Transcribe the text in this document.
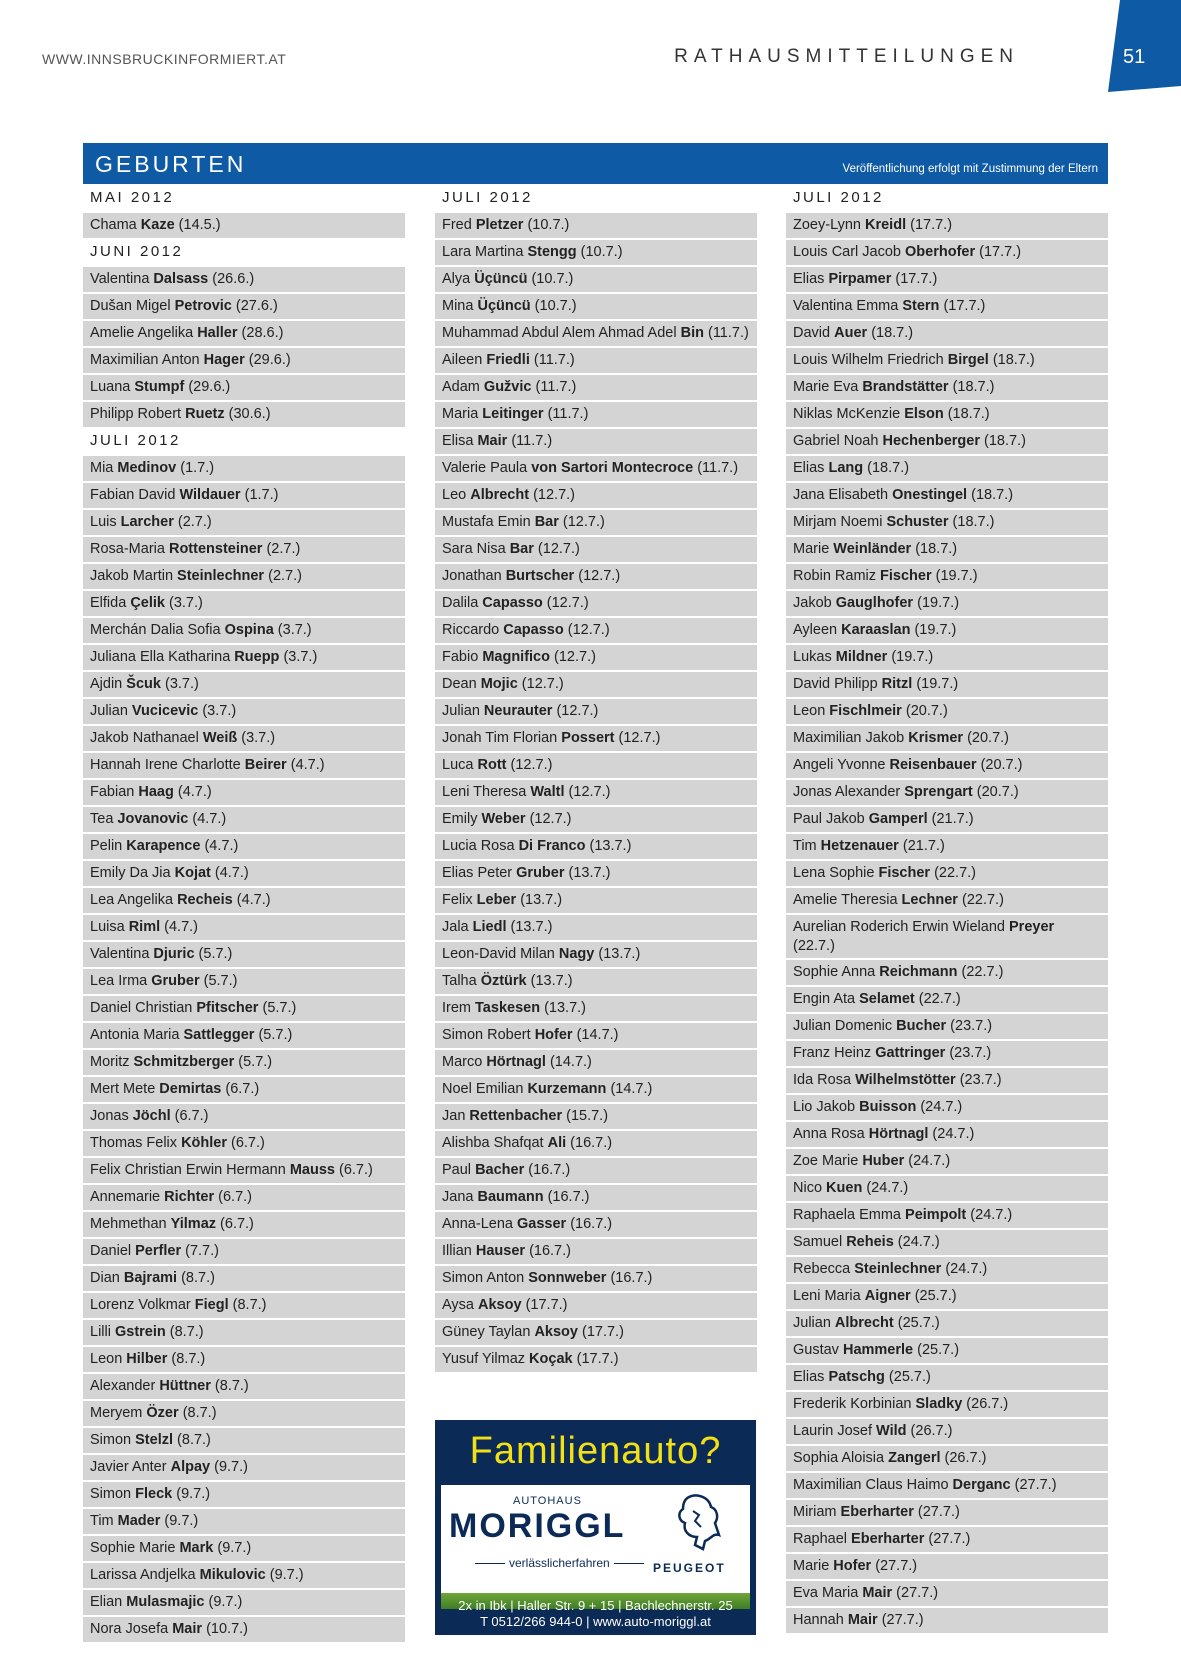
WWW.INNSBRUCKINFORMIERT.AT	RATHAUSMITTEILUNGEN	51
GEBURTEN	Veröffentlichung erfolgt mit Zustimmung der Eltern
MAI 2012
Chama Kaze (14.5.)
JUNI 2012
Valentina Dalsass (26.6.)
Dušan Migel Petrovic (27.6.)
Amelie Angelika Haller (28.6.)
Maximilian Anton Hager (29.6.)
Luana Stumpf (29.6.)
Philipp Robert Ruetz (30.6.)
JULI 2012
Mia Medinov (1.7.)
Fabian David Wildauer (1.7.)
Luis Larcher (2.7.)
Rosa-Maria Rottensteiner (2.7.)
Jakob Martin Steinlechner (2.7.)
Elfida Çelik (3.7.)
Merchán Dalia Sofia Ospina (3.7.)
Juliana Ella Katharina Ruepp (3.7.)
Ajdin Šcuk (3.7.)
Julian Vucicevic (3.7.)
Jakob Nathanael Weiß (3.7.)
Hannah Irene Charlotte Beirer (4.7.)
Fabian Haag (4.7.)
Tea Jovanovic (4.7.)
Pelin Karapence (4.7.)
Emily Da Jia Kojat (4.7.)
Lea Angelika Recheis (4.7.)
Luisa Riml (4.7.)
Valentina Djuric (5.7.)
Lea Irma Gruber (5.7.)
Daniel Christian Pfitscher (5.7.)
Antonia Maria Sattlegger (5.7.)
Moritz Schmitzberger (5.7.)
Mert Mete Demirtas (6.7.)
Jonas Jöchl (6.7.)
Thomas Felix Köhler (6.7.)
Felix Christian Erwin Hermann Mauss (6.7.)
Annemarie Richter (6.7.)
Mehmethan Yilmaz (6.7.)
Daniel Perfler (7.7.)
Dian Bajrami (8.7.)
Lorenz Volkmar Fiegl (8.7.)
Lilli Gstrein (8.7.)
Leon Hilber (8.7.)
Alexander Hüttner (8.7.)
Meryem Özer (8.7.)
Simon Stelzl (8.7.)
Javier Anter Alpay (9.7.)
Simon Fleck (9.7.)
Tim Mader (9.7.)
Sophie Marie Mark (9.7.)
Larissa Andjelka Mikulovic (9.7.)
Elian Mulasmajic (9.7.)
Nora Josefa Mair (10.7.)
JULI 2012
Fred Pletzer (10.7.)
Lara Martina Stengg (10.7.)
Alya Üçüncü (10.7.)
Mina Üçüncü (10.7.)
Muhammad Abdul Alem Ahmad Adel Bin (11.7.)
Aileen Friedli (11.7.)
Adam Gužvic (11.7.)
Maria Leitinger (11.7.)
Elisa Mair (11.7.)
Valerie Paula von Sartori Montecroce (11.7.)
Leo Albrecht (12.7.)
Mustafa Emin Bar (12.7.)
Sara Nisa Bar (12.7.)
Jonathan Burtscher (12.7.)
Dalila Capasso (12.7.)
Riccardo Capasso (12.7.)
Fabio Magnifico (12.7.)
Dean Mojic (12.7.)
Julian Neurauter (12.7.)
Jonah Tim Florian Possert (12.7.)
Luca Rott (12.7.)
Leni Theresa Waltl (12.7.)
Emily Weber (12.7.)
Lucia Rosa Di Franco (13.7.)
Elias Peter Gruber (13.7.)
Felix Leber (13.7.)
Jala Liedl (13.7.)
Leon-David Milan Nagy (13.7.)
Talha Öztürk (13.7.)
Irem Taskesen (13.7.)
Simon Robert Hofer (14.7.)
Marco Hörtnagl (14.7.)
Noel Emilian Kurzemann (14.7.)
Jan Rettenbacher (15.7.)
Alishba Shafqat Ali (16.7.)
Paul Bacher (16.7.)
Jana Baumann (16.7.)
Anna-Lena Gasser (16.7.)
Illian Hauser (16.7.)
Simon Anton Sonnweber (16.7.)
Aysa Aksoy (17.7.)
Güney Taylan Aksoy (17.7.)
Yusuf Yilmaz Koçak (17.7.)
JULI 2012
Zoey-Lynn Kreidl (17.7.)
Louis Carl Jacob Oberhofer (17.7.)
Elias Pirpamer (17.7.)
Valentina Emma Stern (17.7.)
David Auer (18.7.)
Louis Wilhelm Friedrich Birgel (18.7.)
Marie Eva Brandstätter (18.7.)
Niklas McKenzie Elson (18.7.)
Gabriel Noah Hechenberger (18.7.)
Elias Lang (18.7.)
Jana Elisabeth Onestingel (18.7.)
Mirjam Noemi Schuster (18.7.)
Marie Weinländer (18.7.)
Robin Ramiz Fischer (19.7.)
Jakob Gauglhofer (19.7.)
Ayleen Karaaslan (19.7.)
Lukas Mildner (19.7.)
David Philipp Ritzl (19.7.)
Leon Fischlmeir (20.7.)
Maximilian Jakob Krismer (20.7.)
Angeli Yvonne Reisenbauer (20.7.)
Jonas Alexander Sprengart (20.7.)
Paul Jakob Gamperl (21.7.)
Tim Hetzenauer (21.7.)
Lena Sophie Fischer (22.7.)
Amelie Theresia Lechner (22.7.)
Aurelian Roderich Erwin Wieland Preyer (22.7.)
Sophie Anna Reichmann (22.7.)
Engin Ata Selamet (22.7.)
Julian Domenic Bucher (23.7.)
Franz Heinz Gattringer (23.7.)
Ida Rosa Wilhelmstötter (23.7.)
Lio Jakob Buisson (24.7.)
Anna Rosa Hörtnagl (24.7.)
Zoe Marie Huber (24.7.)
Nico Kuen (24.7.)
Raphaela Emma Peimpolt (24.7.)
Samuel Reheis (24.7.)
Rebecca Steinlechner (24.7.)
Leni Maria Aigner (25.7.)
Julian Albrecht (25.7.)
Gustav Hammerle (25.7.)
Elias Patschg (25.7.)
Frederik Korbinian Sladky (26.7.)
Laurin Josef Wild (26.7.)
Sophia Aloisia Zangerl (26.7.)
Maximilian Claus Haimo Derganc (27.7.)
Miriam Eberharter (27.7.)
Raphael Eberharter (27.7.)
Marie Hofer (27.7.)
Eva Maria Mair (27.7.)
Hannah Mair (27.7.)
Familienauto?
AUTOHAUS
MORIGGL
verlässlicherfahren	PEUGEOT
2x in Ibk | Haller Str. 9 + 15 | Bachlechnerstr. 25
T 0512/266 944-0 | www.auto-moriggl.at
